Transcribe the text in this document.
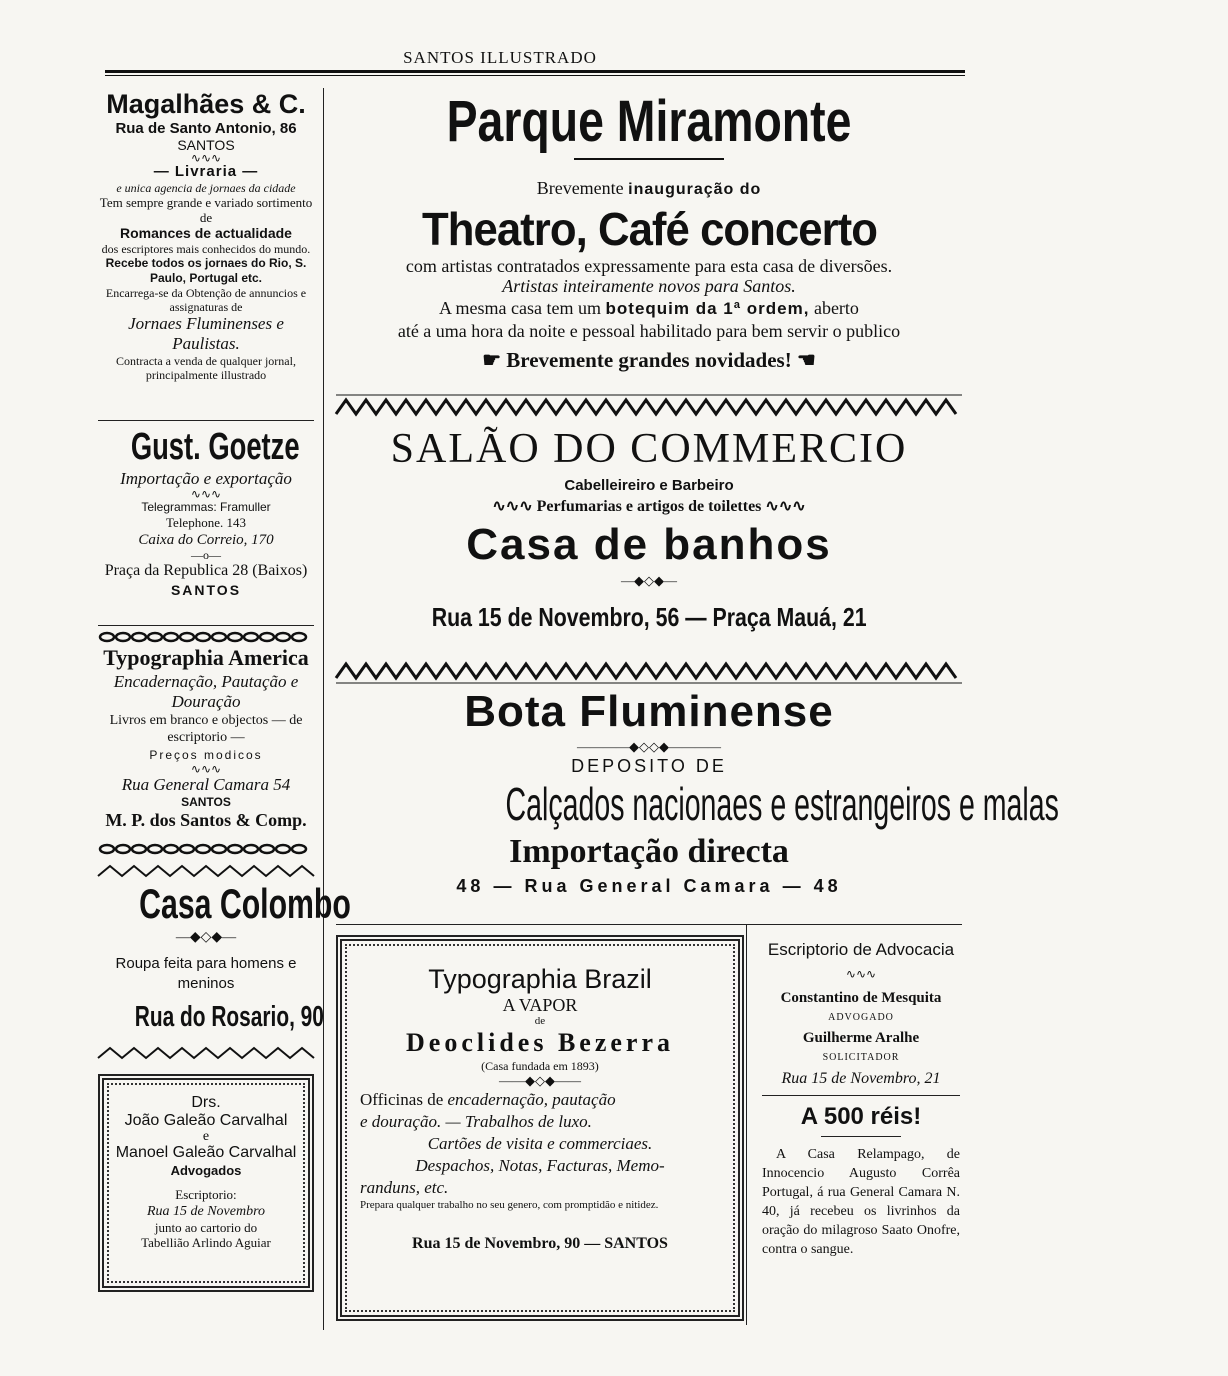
SANTOS ILLUSTRADO
Magalhães & C.
Rua de Santo Antonio, 86
SANTOS
∿∿∿
— Livraria —
e unica agencia de jornaes da cidade
Tem sempre grande e variado sortimento de
Romances de actualidade
dos escriptores mais conhecidos do mundo.
Recebe todos os jornaes do Rio, S. Paulo, Portugal etc.
Encarrega-se da Obtenção de annuncios e assignaturas de
Jornaes Fluminenses e Paulistas.
Contracta a venda de qualquer jornal, principalmente illustrado
Gust. Goetze
Importação e exportação
∿∿∿
Telegrammas: Framuller
Telephone. 143
Caixa do Correio, 170
—o—
Praça da Republica 28 (Baixos)
SANTOS
Typographia America
Encadernação, Pautação e Douração
Livros em branco e objectos — de escriptorio —
Preços modicos
∿∿∿
Rua General Camara 54
SANTOS
M. P. dos Santos & Comp.
Casa Colombo
—◆◇◆—
Roupa feita para homens e meninos
Rua do Rosario, 90
Drs.
João Galeão Carvalhal
e
Manoel Galeão Carvalhal
Advogados
Escriptorio:
Rua 15 de Novembro
junto ao cartorio do
Tabellião Arlindo Aguiar
Parque Miramonte
Brevemente inauguração do
Theatro, Café concerto
com artistas contratados expressamente para esta casa de diversões.
Artistas inteiramente novos para Santos.
A mesma casa tem um botequim da 1ª ordem, aberto
até a uma hora da noite e pessoal habilitado para bem servir o publico
☛ Brevemente grandes novidades! ☚
SALÃO DO COMMERCIO
Cabelleireiro e Barbeiro
∿∿∿ Perfumarias e artigos de toilettes ∿∿∿
Casa de banhos
—◆◇◆—
Rua 15 de Novembro, 56 — Praça Mauá, 21
Bota Fluminense
————◆◇◇◆————
DEPOSITO DE
Calçados nacionaes e estrangeiros e malas
Importação directa
48 — Rua General Camara — 48
Typographia Brazil
A VAPOR
de
Deoclides Bezerra
(Casa fundada em 1893)
——◆◇◆——
Officinas de encadernação, pautação
e douração. — Trabalhos de luxo.
Cartões de visita e commerciaes.
Despachos, Notas, Facturas, Memo-
randuns, etc.
Prepara qualquer trabalho no seu genero, com promptidão e nitidez.
Rua 15 de Novembro, 90 — SANTOS
Escriptorio de Advocacia
∿∿∿
Constantino de Mesquita
ADVOGADO
Guilherme Aralhe
SOLICITADOR
Rua 15 de Novembro, 21
A 500 réis!
A Casa Relampago, de Innocencio Augusto Corrêa Portugal, á rua General Camara N. 40, já recebeu os livrinhos da oração do milagroso Saato Onofre, contra o sangue.
